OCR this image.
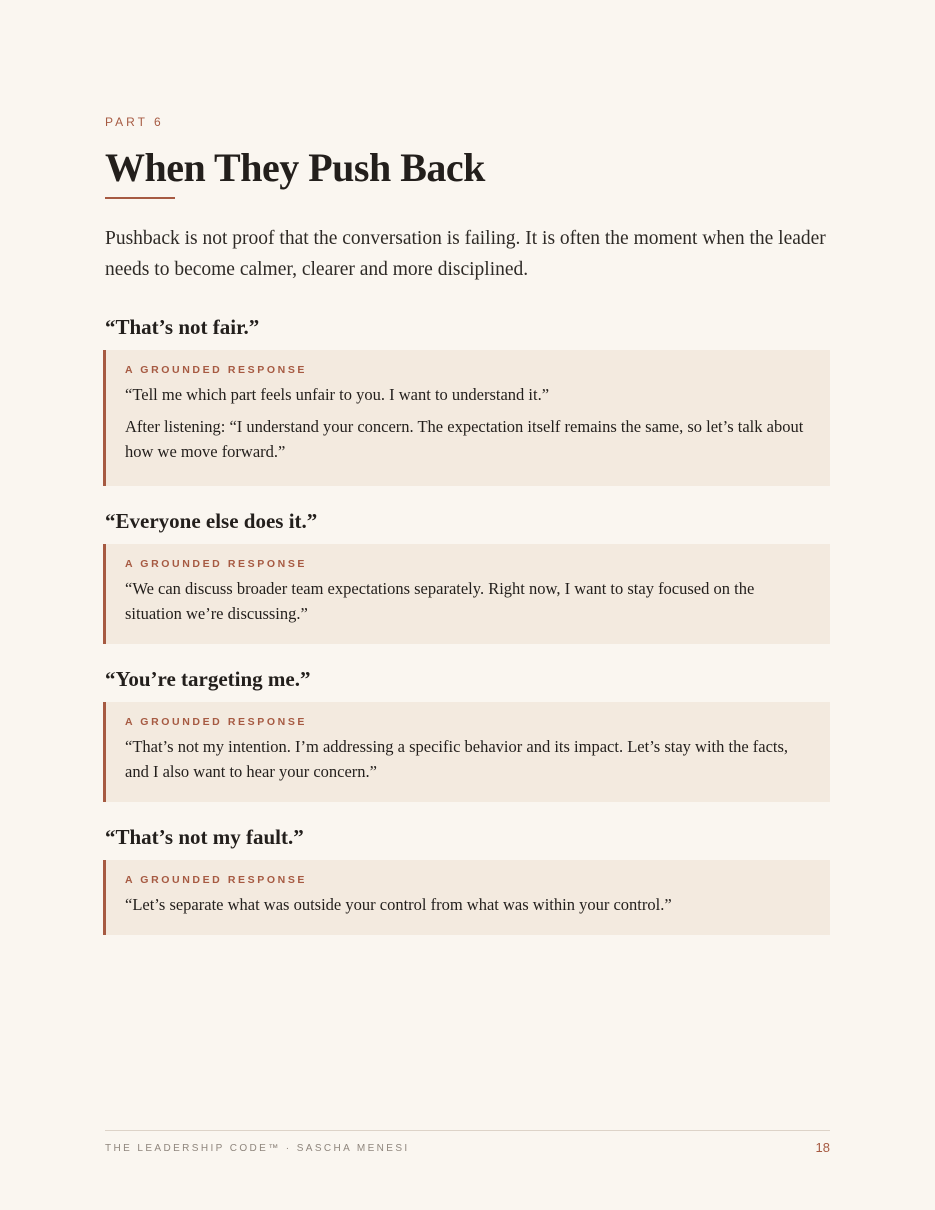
PART 6
When They Push Back

Pushback is not proof that the conversation is failing. It is often the moment when the leader needs to become calmer, clearer and more disciplined.

“That’s not fair.”
A GROUNDED RESPONSE

“Tell me which part feels unfair to you. I want to understand it.”

After listening: “I understand your concern. The expectation itself remains the same, so let’s talk about how we move forward.”

“Everyone else does it.”
A GROUNDED RESPONSE

“We can discuss broader team expectations separately. Right now, I want to stay focused on the situation we’re discussing.”

“You’re targeting me.”
A GROUNDED RESPONSE

“That’s not my intention. I’m addressing a specific behavior and its impact. Let’s stay with the facts, and I also want to hear your concern.”

“That’s not my fault.”
A GROUNDED RESPONSE

“Let’s separate what was outside your control from what was within your control.”

THE LEADERSHIP CODE™ · SASCHA MENESI	18
